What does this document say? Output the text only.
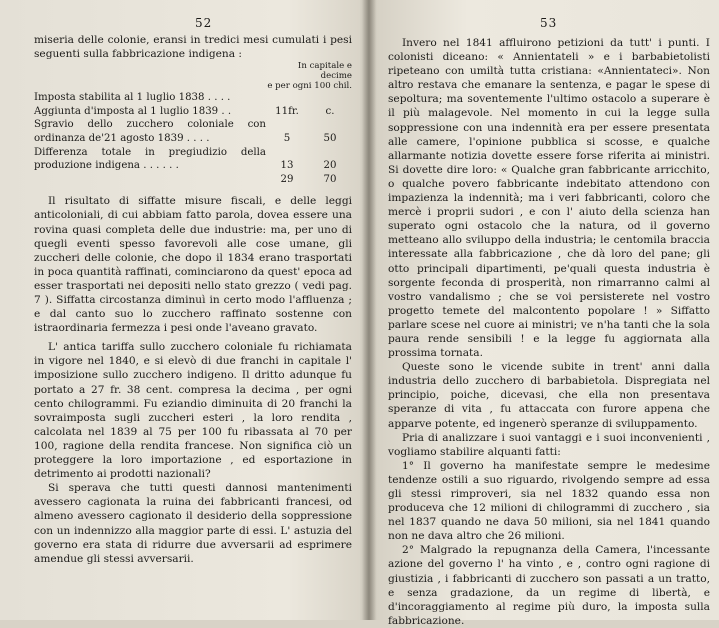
52

miseria delle colonie, eransi in tredici mesi cumulati i pesi seguenti sulla fabbricazione indigena :

	In capitale e decime
e per ogni 100 chil.	

Imposta stabilita al 1 luglio 1838 . . . .		
Aggiunta d'imposta al 1 luglio 1839 . .	11fr.	c.
Sgravio dello zucchero coloniale con ordinanza de'21 agosto 1839 . . . .	5	50
Differenza totale in pregiudizio della produzione indigena . . . . . .	13	20
	29	70

Il risultato di siffatte misure fiscali, e delle leggi anticoloniali, di cui abbiam fatto parola, dovea essere una rovina quasi completa delle due industrie: ma, per uno di quegli eventi spesso favorevoli alle cose umane, gli zuccheri delle colonie, che dopo il 1834 erano trasportati in poca quantità raffinati, cominciarono da quest' epoca ad esser trasportati nei depositi nello stato grezzo ( vedi pag. 7 ). Siffatta circostanza diminuì in certo modo l'affluenza ; e dal canto suo lo zucchero raffinato sostenne con istraordinaria fermezza i pesi onde l'aveano gravato.

L' antica tariffa sullo zucchero coloniale fu richiamata in vigore nel 1840, e si elevò di due franchi in capitale l' imposizione sullo zucchero indigeno. Il dritto adunque fu portato a 27 fr. 38 cent. compresa la decima , per ogni cento chilogrammi. Fu eziandio diminuita di 20 franchi la sovraimposta sugli zuccheri esteri , la loro rendita , calcolata nel 1839 al 75 per 100 fu ribassata al 70 per 100, ragione della rendita francese. Non significa ciò un proteggere la loro importazione , ed esportazione in detrimento ai prodotti nazionali?

Si sperava che tutti questi dannosi mantenimenti avessero cagionata la ruina dei fabbricanti francesi, od almeno avessero cagionato il desiderio della soppressione con un indennizzo alla maggior parte di essi. L' astuzia del governo era stata di ridurre due avversarii ad esprimere amendue gli stessi avversarii.

53

Invero nel 1841 affluirono petizioni da tutt' i punti. I colonisti diceano: « Annientateli » e i barbabietolisti ripeteano con umiltà tutta cristiana: «Annientateci». Non altro restava che emanare la sentenza, e pagar le spese di sepoltura; ma soventemente l'ultimo ostacolo a superare è il più malagevole. Nel momento in cui la legge sulla soppressione con una indennità era per essere presentata alle camere, l'opinione pubblica si scosse, e qualche allarmante notizia dovette essere forse riferita ai ministri. Si dovette dire loro: « Qualche gran fabbricante arricchito, o qualche povero fabbricante indebitato attendono con impazienza la indennità; ma i veri fabbricanti, coloro che mercè i proprii sudori , e con l' aiuto della scienza han superato ogni ostacolo che la natura, od il governo metteano allo sviluppo della industria; le centomila braccia interessate alla fabbricazione , che dà loro del pane; gli otto principali dipartimenti, pe'quali questa industria è sorgente feconda di prosperità, non rimarranno calmi al vostro vandalismo ; che se voi persisterete nel vostro progetto temete del malcontento popolare ! » Siffatto parlare scese nel cuore ai ministri; ve n'ha tanti che la sola paura rende sensibili ! e la legge fu aggiornata alla prossima tornata.

Queste sono le vicende subite in trent' anni dalla industria dello zucchero di barbabietola. Dispregiata nel principio, poiche, dicevasi, che ella non presentava speranze di vita , fu attaccata con furore appena che apparve potente, ed ingenerò speranze di sviluppamento.

Pria di analizzare i suoi vantaggi e i suoi inconvenienti , vogliamo stabilire alquanti fatti:

1° Il governo ha manifestate sempre le medesime tendenze ostili a suo riguardo, rivolgendo sempre ad essa gli stessi rimproveri, sia nel 1832 quando essa non produceva che 12 milioni di chilogrammi di zucchero , sia nel 1837 quando ne dava 50 milioni, sia nel 1841 quando non ne dava altro che 26 milioni.

2° Malgrado la repugnanza della Camera, l'incessante azione del governo l' ha vinto , e , contro ogni ragione di giustizia , i fabbricanti di zucchero son passati a un tratto, e senza gradazione, da un regime di libertà, e d'incoraggiamento al regime più duro, la imposta sulla fabbricazione.
